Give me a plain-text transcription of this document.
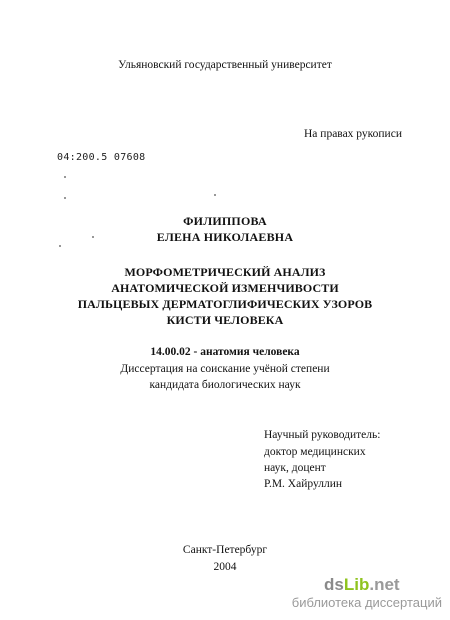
Ульяновский государственный университет
На правах рукописи
04:200.5 07608
ФИЛИППОВА
ЕЛЕНА НИКОЛАЕВНА
МОРФОМЕТРИЧЕСКИЙ АНАЛИЗ
АНАТОМИЧЕСКОЙ ИЗМЕНЧИВОСТИ
ПАЛЬЦЕВЫХ ДЕРМАТОГЛИФИЧЕСКИХ УЗОРОВ
КИСТИ ЧЕЛОВЕКА
14.00.02 - анатомия человека
Диссертация на соискание учёной степени
кандидата биологических наук
Научный руководитель:
доктор медицинских
наук, доцент
Р.М. Хайруллин
Санкт-Петербург
2004
dsLib.net
библиотека диссертаций
